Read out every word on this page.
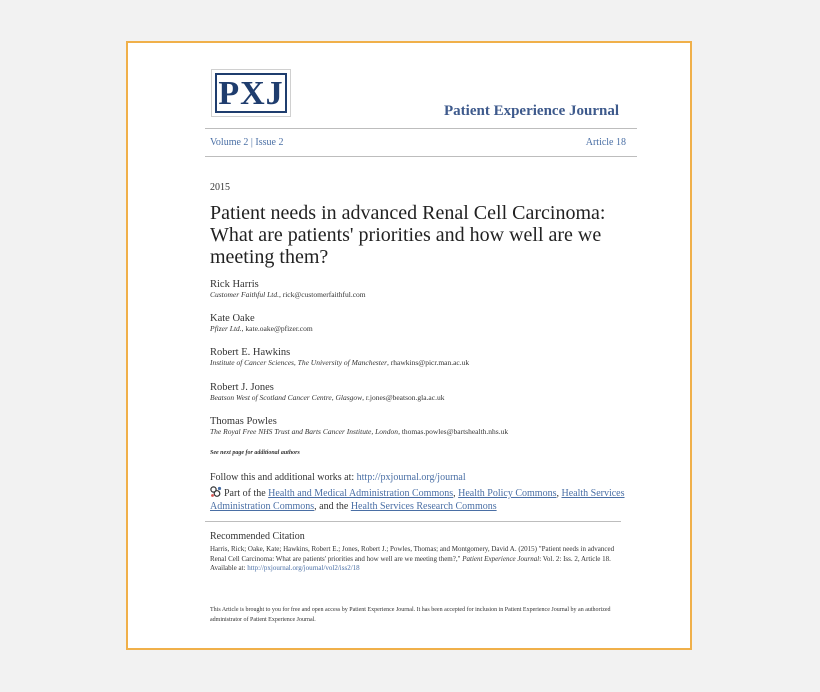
PXJ	Patient Experience Journal
Volume 2 | Issue 2	Article 18
2015
Patient needs in advanced Renal Cell Carcinoma: What are patients' priorities and how well are we meeting them?
Rick Harris
Customer Faithful Ltd., rick@customerfaithful.com
Kate Oake
Pfizer Ltd., kate.oake@pfizer.com
Robert E. Hawkins
Institute of Cancer Sciences, The University of Manchester, rhawkins@picr.man.ac.uk
Robert J. Jones
Beatson West of Scotland Cancer Centre, Glasgow, r.jones@beatson.gla.ac.uk
Thomas Powles
The Royal Free NHS Trust and Barts Cancer Institute, London, thomas.powles@bartshealth.nhs.uk
See next page for additional authors
Follow this and additional works at: http://pxjournal.org/journal
Part of the Health and Medical Administration Commons, Health Policy Commons, Health Services Administration Commons, and the Health Services Research Commons
Recommended Citation
Harris, Rick; Oake, Kate; Hawkins, Robert E.; Jones, Robert J.; Powles, Thomas; and Montgomery, David A. (2015) "Patient needs in advanced Renal Cell Carcinoma: What are patients' priorities and how well are we meeting them?," Patient Experience Journal: Vol. 2: Iss. 2, Article 18.
Available at: http://pxjournal.org/journal/vol2/iss2/18
This Article is brought to you for free and open access by Patient Experience Journal. It has been accepted for inclusion in Patient Experience Journal by an authorized administrator of Patient Experience Journal.
